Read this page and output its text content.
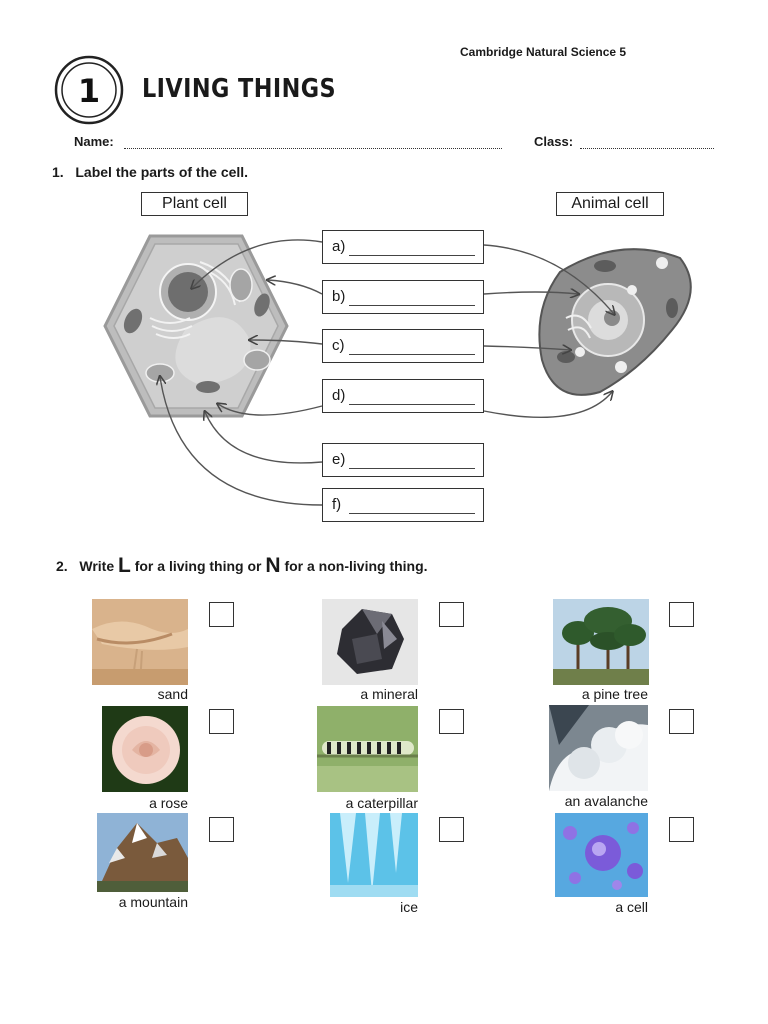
Cambridge Natural Science 5
1 LIVING THINGS
Name:	Class:
1. Label the parts of the cell.
Plant cell	Animal cell
a)
b)
c)
d)
e)
f)
2. Write L for a living thing or N for a non-living thing.
sand	a mineral	a pine tree
a rose	a caterpillar	an avalanche
a mountain	ice	a cell
